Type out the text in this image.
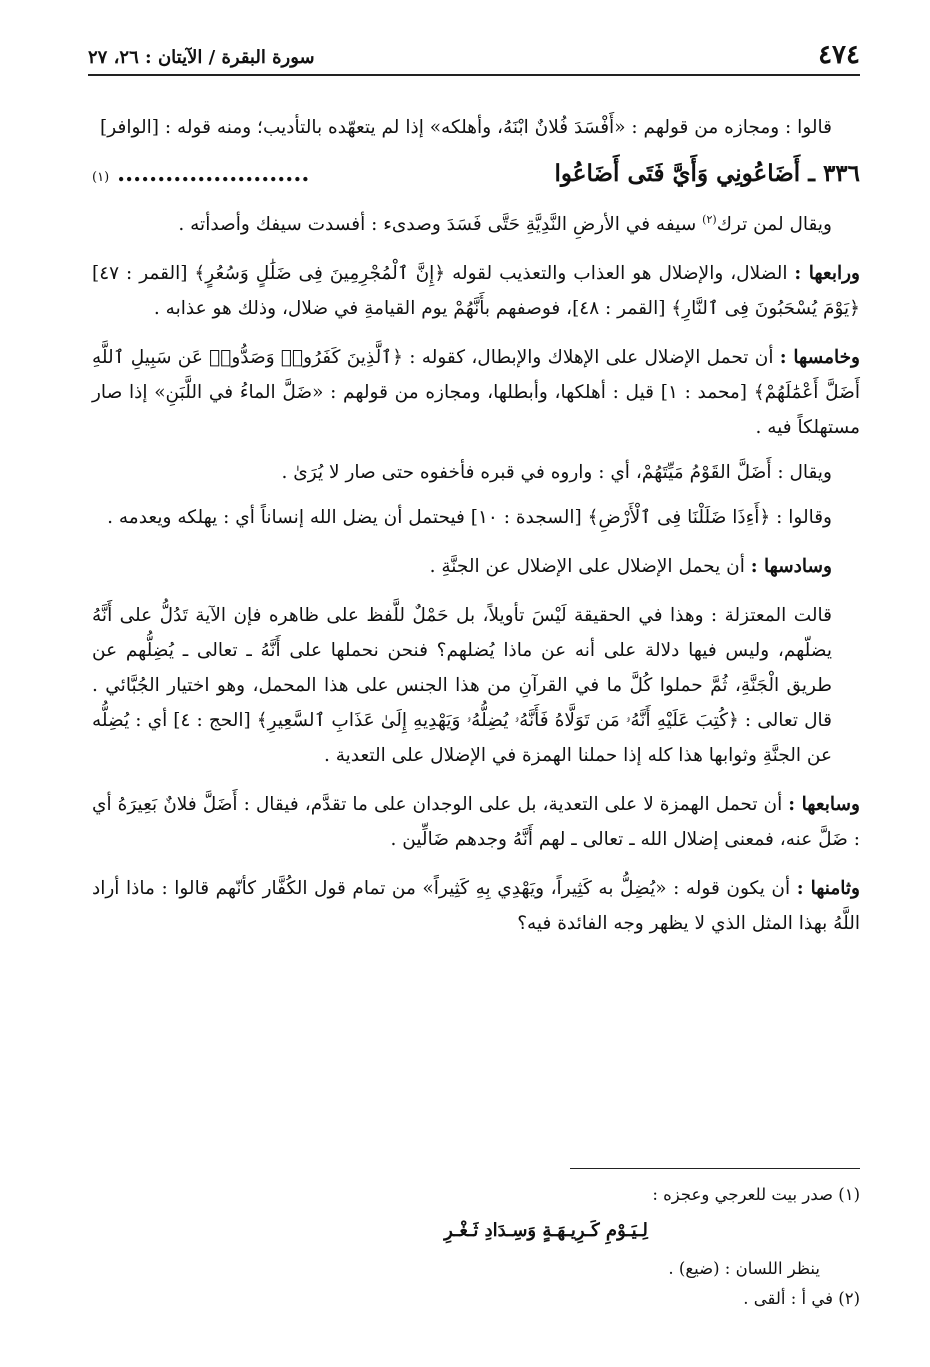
٤٧٤
سورة البقرة / الآيتان : ٢٦، ٢٧

قالوا : ومجازه من قولهم : «أَفْسَدَ فُلانٌ ابْنَهُ، وأهلكه» إذا لم يتعهّده بالتأديب؛ ومنه قوله : [الوافر]

٣٣٦ ـ أَضَاعُونِي وَأَيَّ فَتَى أَضَاعُوا
........................ (١)

ويقال لمن ترك$^{(٢)}$ سيفه في الأرضِ النَّدِيَّةِ حَتَّى فَسَدَ وصدىء : أفسدت سيفك وأصدأته .

ورابعها : الضلال، والإضلال هو العذاب والتعذيب لقوله ﴿إِنَّ ٱلْمُجْرِمِينَ فِى ضَلَٰلٍ وَسُعُرٍ﴾ [القمر : ٤٧] ﴿يَوْمَ يُسْحَبُونَ فِى ٱلنَّارِ﴾ [القمر : ٤٨]، فوصفهم بأَنَّهُمْ يوم القيامةِ في ضلال، وذلك هو عذابه .

وخامسها : أن تحمل الإضلال على الإهلاك والإبطال، كقوله : ﴿ٱلَّذِينَ كَفَرُوا۟ وَصَدُّوا۟ عَن سَبِيلِ ٱللَّهِ أَضَلَّ أَعْمَٰلَهُمْ﴾ [محمد : ١] قيل : أهلكها، وأبطلها، ومجازه من قولهم : «ضَلَّ الماءُ في اللَّبَنِ» إذا صار مستهلكاً فيه .

ويقال : أَضَلَّ القَوْمُ مَيِّتَهُمْ، أي : واروه في قبره فأخفوه حتى صار لا يُرَىٰ .

وقالوا : ﴿أَءِذَا ضَلَلْنَا فِى ٱلْأَرْضِ﴾ [السجدة : ١٠] فيحتمل أن يضل الله إنساناً أي : يهلكه ويعدمه .

وسادسها : أن يحمل الإضلال على الإضلال عن الجنَّةِ .

قالت المعتزلة : وهذا في الحقيقة لَيْسَ تأويلاً، بل حَمْلٌ للَّفظ على ظاهره فإن الآية تَدُلُّ على أَنَّهُ يضلّهم، وليس فيها دلالة على أنه عن ماذا يُضلهم؟ فنحن نحملها على أَنَّهُ ـ تعالى ـ يُضِلُّهم عن طريق الْجَنَّةِ، ثُمَّ حملوا كُلَّ ما في القرآنِ من هذا الجنس على هذا المحمل، وهو اختيار الجُبَّائي . قال تعالى : ﴿كُتِبَ عَلَيْهِ أَنَّهُۥ مَن تَوَلَّاهُ فَأَنَّهُۥ يُضِلُّهُۥ وَيَهْدِيهِ إِلَىٰ عَذَابِ ٱلسَّعِيرِ﴾ [الحج : ٤] أي : يُضِلُّه عن الجنَّةِ وثوابها هذا كله إذا حملنا الهمزة في الإضلال على التعدية .

وسابعها : أن تحمل الهمزة لا على التعدية، بل على الوجدان على ما تقدَّم، فيقال : أَضَلَّ فلانٌ بَعِيرَهُ أي : ضَلَّ عنه، فمعنى إضلال الله ـ تعالى ـ لهم أَنَّهُ وجدهم ضَالِّين .

وثامنها : أن يكون قوله : «يُضِلُّ به كَثِيراً، ويَهْدِي بِهِ كَثِيراً» من تمام قول الكُفَّار كأنّهم قالوا : ماذا أراد اللَّهُ بهذا المثل الذي لا يظهر وجه الفائدة فيه؟

(١) صدر بيت للعرجي وعجزه :

لِـيَـوْمِ كَـرِيـهَـةٍ وَسِـدَادِ ثَـغْـرِ

ينظر اللسان : (ضيع) .

(٢) في أ : ألقى .
